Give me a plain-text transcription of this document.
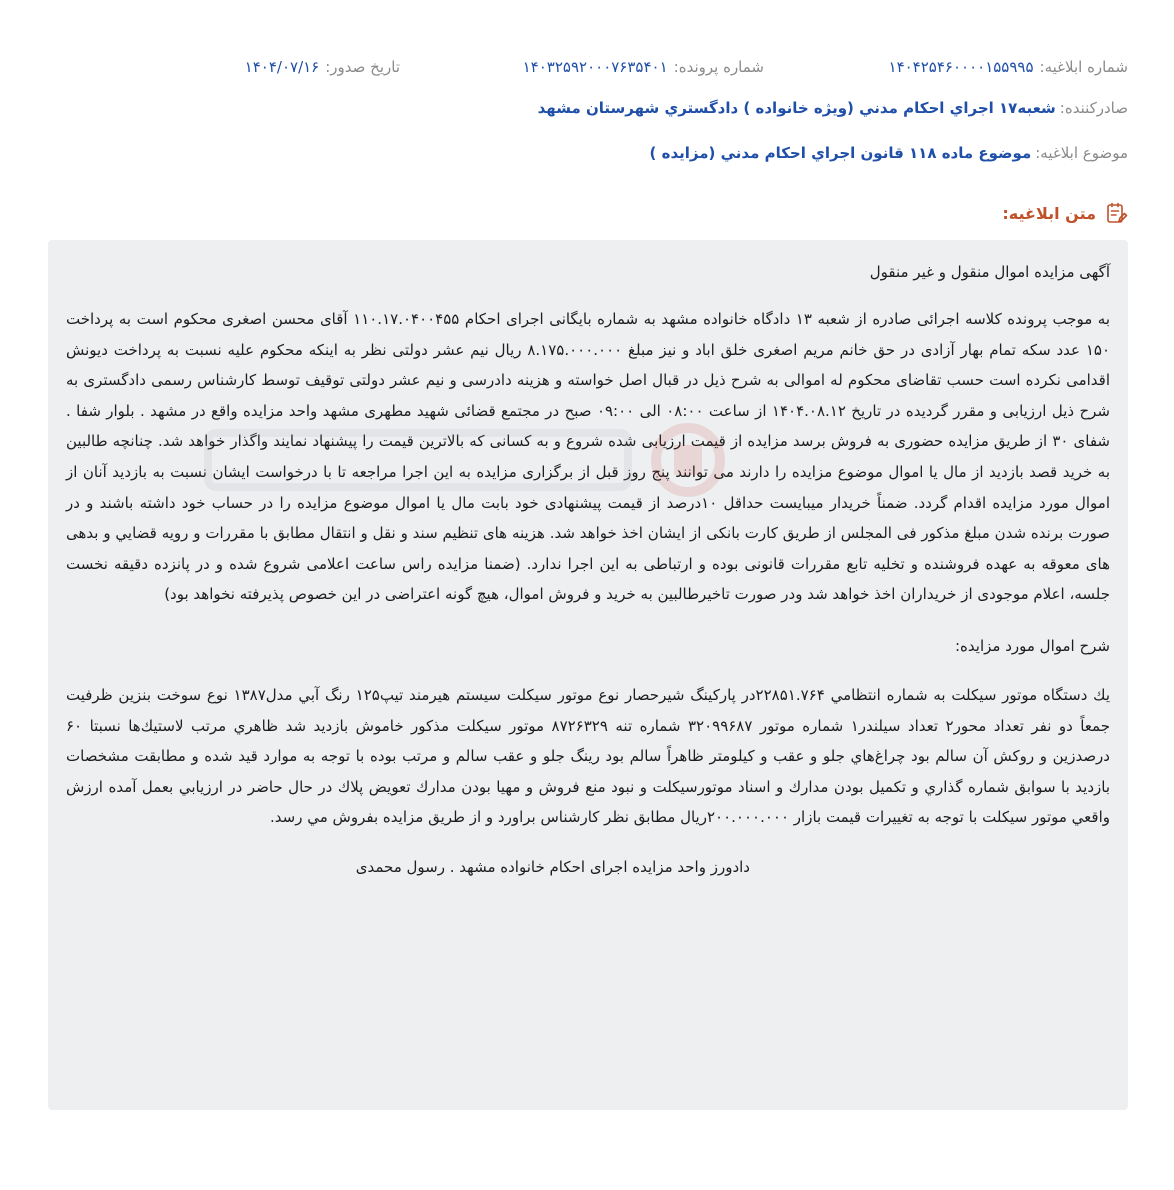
شماره ابلاغیه:۱۴۰۴۲۵۴۶۰۰۰۰۱۵۵۹۹۵
شماره پرونده:۱۴۰۳۲۵۹۲۰۰۰۷۶۳۵۴۰۱
تاریخ صدور:۱۴۰۴/۰۷/۱۶
صادرکننده:شعبه۱۷ اجراي احکام مدني (ويژه خانواده ) دادگستري شهرستان مشهد
موضوع ابلاغیه:موضوع ماده ۱۱۸ قانون اجراي احکام مدني (مزايده )
متن ابلاغیه:
آگهی مزایده اموال منقول و غیر منقول
به موجب پرونده کلاسه اجرائی صادره از شعبه ۱۳ دادگاه خانواده مشهد به شماره بایگانی اجرای احکام ۱۱۰.۱۷.۰۴۰۰۴۵۵ آقای محسن اصغری محکوم است به پرداخت ۱۵۰ عدد سکه تمام بهار آزادی در حق خانم مریم اصغری خلق اباد و نیز مبلغ ۸.۱۷۵.۰۰۰.۰۰۰ ریال نیم عشر دولتی نظر به اینکه محکوم علیه نسبت به پرداخت دیونش اقدامی نکرده است حسب تقاضای محکوم له اموالی به شرح ذیل در قبال اصل خواسته و هزینه دادرسی و نیم عشر دولتی توقیف توسط کارشناس رسمی دادگستری به شرح ذیل ارزیابی و مقرر گردیده در تاریخ ۱۴۰۴.۰۸.۱۲ از ساعت ۰۸:۰۰ الی ۰۹:۰۰ صبح در مجتمع قضائی شهید مطهری مشهد واحد مزایده واقع در مشهد . بلوار شفا . شفای ۳۰ از طریق مزایده حضوری به فروش برسد مزایده از قیمت ارزیابی شده شروع و به کسانی که بالاترین قیمت را پیشنهاد نمایند واگذار خواهد شد. چنانچه طالبین به خرید قصد بازدید از مال یا اموال موضوع مزایده را دارند می توانند پنج روز قبل از برگزاری مزایده به این اجرا مراجعه تا با درخواست ایشان نسبت به بازدید آنان از اموال مورد مزایده اقدام گردد. ضمناً خریدار میبایست حداقل ۱۰درصد از قیمت پیشنهادی خود بابت مال یا اموال موضوع مزایده را در حساب خود داشته باشند و در صورت برنده شدن مبلغ مذکور فی المجلس از طریق کارت بانکی از ایشان اخذ خواهد شد. هزینه های تنظیم سند و نقل و انتقال مطابق با مقررات و رویه قضايي و بدهی های معوقه به عهده فروشنده و تخلیه تابع مقررات قانونی بوده و ارتباطی به این اجرا ندارد. (ضمنا مزایده راس ساعت اعلامی شروع شده و در پانزده دقیقه نخست جلسه، اعلام موجودی از خریداران اخذ خواهد شد ودر صورت تاخیرطالبین به خرید و فروش اموال، هیچ گونه اعتراضی در این خصوص پذیرفته نخواهد بود)
شرح اموال مورد مزایده:
يك دستگاه موتور سيكلت به شماره انتظامي ۲۲۸۵۱.۷۶۴در پاركينگ شيرحصار نوع موتور سيكلت سيستم هيرمند تيپ۱۲۵ رنگ آبي مدل۱۳۸۷ نوع سوخت بنزين ظرفيت جمعاً دو نفر تعداد محور۲ تعداد سيلندر۱ شماره موتور ۳۲۰۹۹۶۸۷ شماره تنه ۸۷۲۶۳۲۹ موتور سيكلت مذكور خاموش بازديد شد ظاهري مرتب لاستيك‌ها نسبتا ۶۰ درصدزين و روكش آن سالم بود چراغ‌هاي جلو و عقب و كيلومتر ظاهراً سالم بود رينگ جلو و عقب سالم و مرتب بوده با توجه به موارد قيد شده و مطابقت مشخصات بازديد با سوابق شماره گذاري و تكميل بودن مدارك و اسناد موتورسيكلت و نبود منع فروش و مهيا بودن مدارك تعويض پلاك در حال حاضر در ارزيابي بعمل آمده ارزش واقعي موتور سيكلت با توجه به تغييرات قيمت بازار ۲۰۰.۰۰۰.۰۰۰ريال مطابق نظر كارشناس براورد و از طريق مزايده بفروش مي رسد.
دادورز واحد مزایده اجرای احکام خانواده مشهد . رسول محمدی
